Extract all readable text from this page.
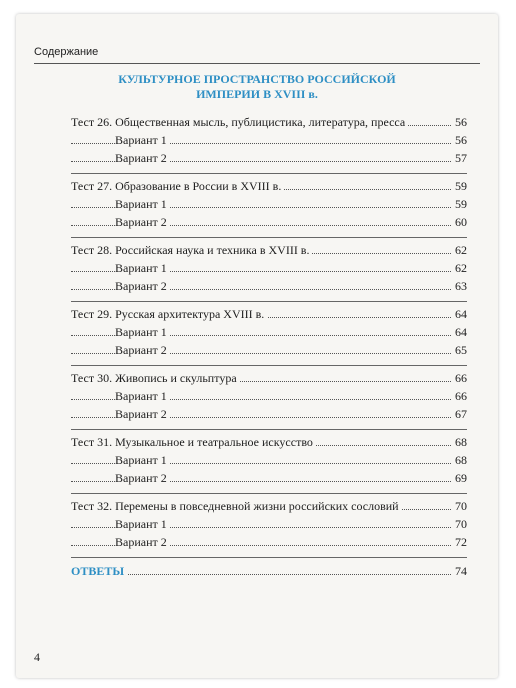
Содержание
КУЛЬТУРНОЕ ПРОСТРАНСТВО РОССИЙСКОЙ
ИМПЕРИИ В XVIII в.
Тест 26. Общественная мысль, публицистика, литература, пресса	56
Вариант 1	56
Вариант 2	57
Тест 27. Образование в России в XVIII в.	59
Вариант 1	59
Вариант 2	60
Тест 28. Российская наука и техника в XVIII в.	62
Вариант 1	62
Вариант 2	63
Тест 29. Русская архитектура XVIII в.	64
Вариант 1	64
Вариант 2	65
Тест 30. Живопись и скульптура	66
Вариант 1	66
Вариант 2	67
Тест 31. Музыкальное и театральное искусство	68
Вариант 1	68
Вариант 2	69
Тест 32. Перемены в повседневной жизни российских сословий	70
Вариант 1	70
Вариант 2	72
ОТВЕТЫ	74
4
